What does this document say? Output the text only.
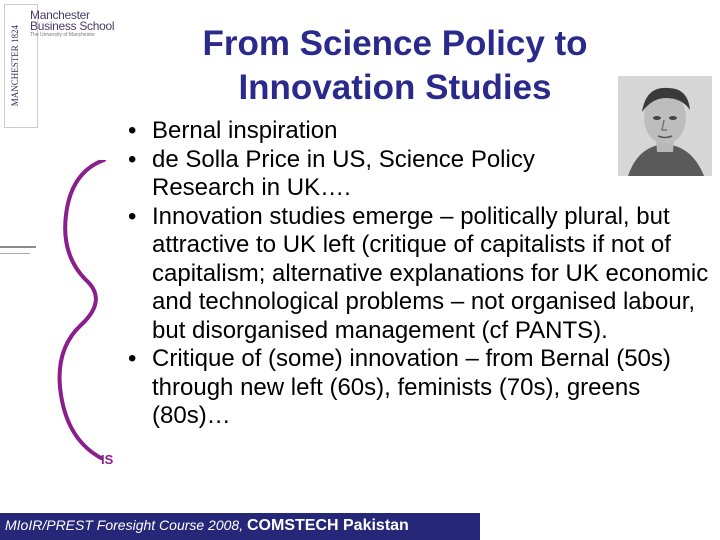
MANCHESTER 1824
Manchester
Business School
The University of Manchester	From Science Policy to
Innovation Studies
IS
• Bernal inspiration
• de Solla Price in US, Science Policy Research in UK….
• Innovation studies emerge – politically plural, but attractive to UK left (critique of capitalists if not of capitalism; alternative explanations for UK economic and technological problems – not organised labour, but disorganised management (cf PANTS).
• Critique of (some) innovation – from Bernal (50s) through new left (60s), feminists (70s), greens (80s)…
MIoIR/PREST Foresight Course 2008, COMSTECH Pakistan
